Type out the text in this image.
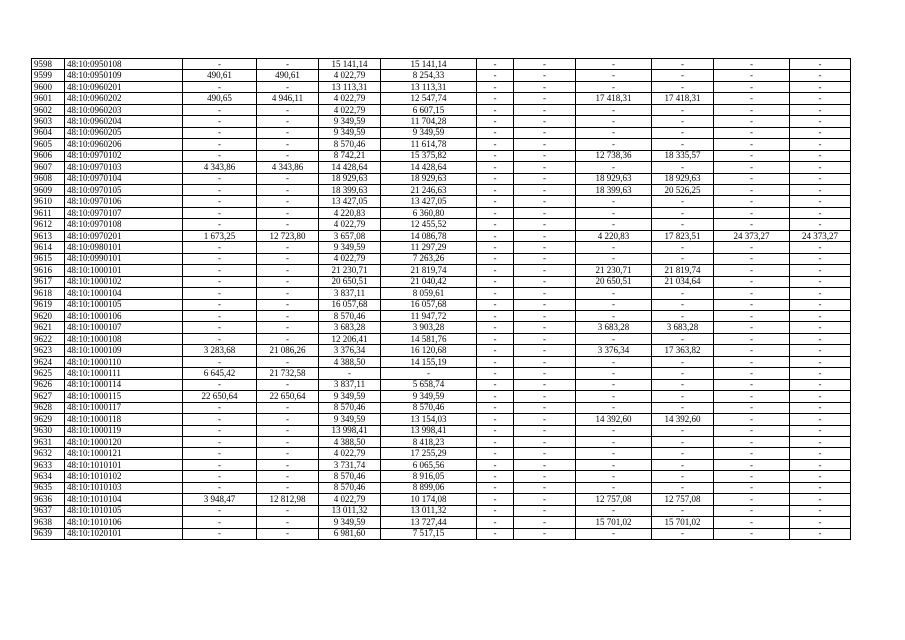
9598	48:10:0950108	-	-	15 141,14	15 141,14	-	-	-	-	-	-
9599	48:10:0950109	490,61	490,61	4 022,79	8 254,33	-	-	-	-	-	-
9600	48:10:0960201	-	-	13 113,31	13 113,31	-	-	-	-	-	-
9601	48:10:0960202	490,65	4 946,11	4 022,79	12 547,74	-	-	17 418,31	17 418,31	-	-
9602	48:10:0960203	-	-	4 022,79	6 607,15	-	-	-	-	-	-
9603	48:10:0960204	-	-	9 349,59	11 704,28	-	-	-	-	-	-
9604	48:10:0960205	-	-	9 349,59	9 349,59	-	-	-	-	-	-
9605	48:10:0960206	-	-	8 570,46	11 614,78	-	-	-	-	-	-
9606	48:10:0970102	-	-	8 742,21	15 375,82	-	-	12 738,36	18 335,57	-	-
9607	48:10:0970103	4 343,86	4 343,86	14 428,64	14 428,64	-	-	-	-	-	-
9608	48:10:0970104	-	-	18 929,63	18 929,63	-	-	18 929,63	18 929,63	-	-
9609	48:10:0970105	-	-	18 399,63	21 246,63	-	-	18 399,63	20 526,25	-	-
9610	48:10:0970106	-	-	13 427,05	13 427,05	-	-	-	-	-	-
9611	48:10:0970107	-	-	4 220,83	6 360,80	-	-	-	-	-	-
9612	48:10:0970108	-	-	4 022,79	12 455,52	-	-	-	-	-	-
9613	48:10:0970201	1 673,25	12 723,80	3 657,08	14 086,78	-	-	4 220,83	17 823,51	24 373,27	24 373,27
9614	48:10:0980101	-	-	9 349,59	11 297,29	-	-	-	-	-	-
9615	48:10:0990101	-	-	4 022,79	7 263,26	-	-	-	-	-	-
9616	48:10:1000101	-	-	21 230,71	21 819,74	-	-	21 230,71	21 819,74	-	-
9617	48:10:1000102	-	-	20 650,51	21 040,42	-	-	20 650,51	21 034,64	-	-
9618	48:10:1000104	-	-	3 837,11	8 059,61	-	-	-	-	-	-
9619	48:10:1000105	-	-	16 057,68	16 057,68	-	-	-	-	-	-
9620	48:10:1000106	-	-	8 570,46	11 947,72	-	-	-	-	-	-
9621	48:10:1000107	-	-	3 683,28	3 903,28	-	-	3 683,28	3 683,28	-	-
9622	48:10:1000108	-	-	12 206,41	14 581,76	-	-	-	-	-	-
9623	48:10:1000109	3 283,68	21 086,26	3 376,34	16 120,68	-	-	3 376,34	17 363,82	-	-
9624	48:10:1000110	-	-	4 388,50	14 155,19	-	-	-	-	-	-
9625	48:10:1000111	6 645,42	21 732,58	-	-	-	-	-	-	-	-
9626	48:10:1000114	-	-	3 837,11	5 658,74	-	-	-	-	-	-
9627	48:10:1000115	22 650,64	22 650,64	9 349,59	9 349,59	-	-	-	-	-	-
9628	48:10:1000117	-	-	8 570,46	8 570,46	-	-	-	-	-	-
9629	48:10:1000118	-	-	9 349,59	13 154,03	-	-	14 392,60	14 392,60	-	-
9630	48:10:1000119	-	-	13 998,41	13 998,41	-	-	-	-	-	-
9631	48:10:1000120	-	-	4 388,50	8 418,23	-	-	-	-	-	-
9632	48:10:1000121	-	-	4 022,79	17 255,29	-	-	-	-	-	-
9633	48:10:1010101	-	-	3 731,74	6 065,56	-	-	-	-	-	-
9634	48:10:1010102	-	-	8 570,46	8 916,05	-	-	-	-	-	-
9635	48:10:1010103	-	-	8 570,46	8 899,06	-	-	-	-	-	-
9636	48:10:1010104	3 948,47	12 812,98	4 022,79	10 174,08	-	-	12 757,08	12 757,08	-	-
9637	48:10:1010105	-	-	13 011,32	13 011,32	-	-	-	-	-	-
9638	48:10:1010106	-	-	9 349,59	13 727,44	-	-	15 701,02	15 701,02	-	-
9639	48:10:1020101	-	-	6 981,60	7 517,15	-	-	-	-	-	-
